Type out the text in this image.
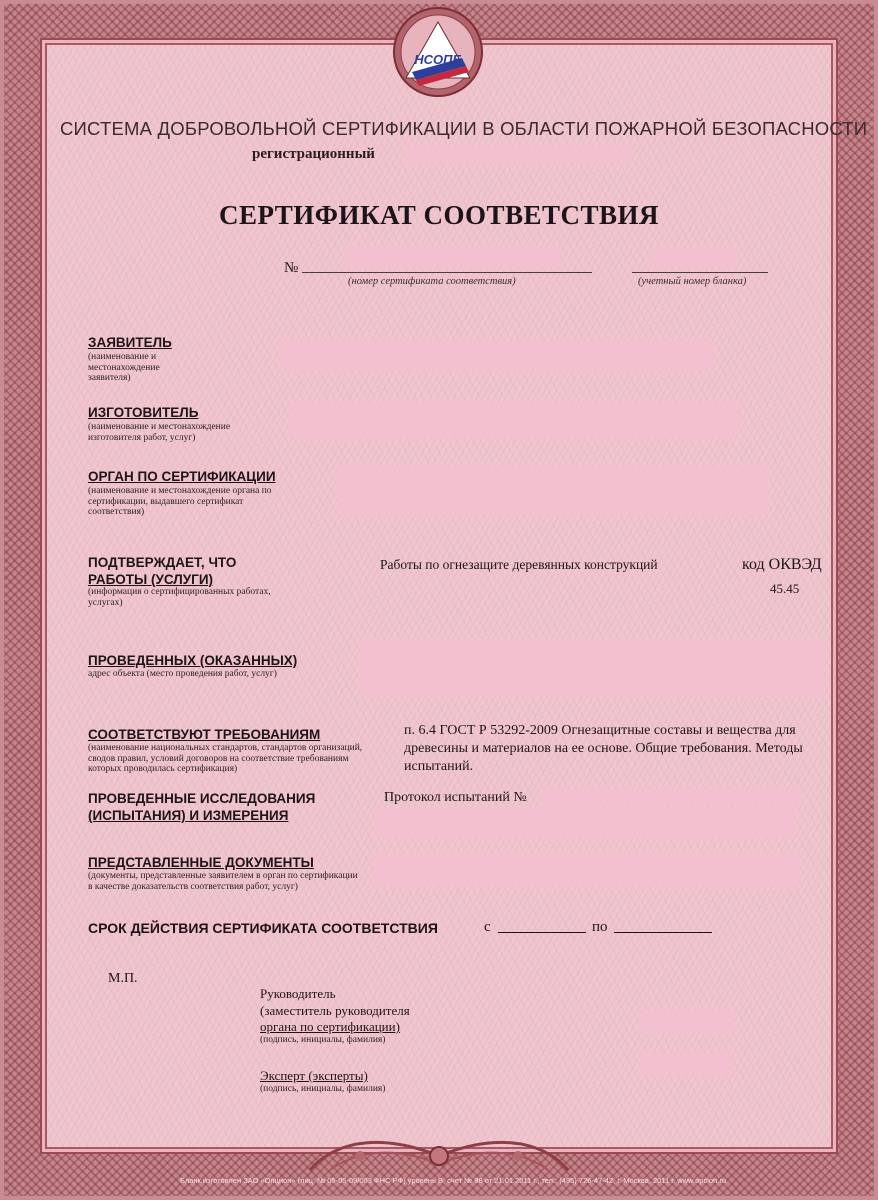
НСОПБ
СИСТЕМА ДОБРОВОЛЬНОЙ СЕРТИФИКАЦИИ В ОБЛАСТИ ПОЖАРНОЙ БЕЗОПАСНОСТИ
регистрационный
СЕРТИФИКАТ СООТВЕТСТВИЯ
№
(номер сертификата соответствия)	(учетный номер бланка)
ЗАЯВИТЕЛЬ
(наименование и местонахождение заявителя)
ИЗГОТОВИТЕЛЬ
(наименование и местонахождение изготовителя работ, услуг)
ОРГАН ПО СЕРТИФИКАЦИИ
(наименование и местонахождение органа по сертификации, выдавшего сертификат соответствия)
ПОДТВЕРЖДАЕТ, ЧТО
РАБОТЫ (УСЛУГИ)
(информация о сертифицированных работах, услугах)
Работы по огнезащите деревянных конструкций	код ОКВЭД
45.45
ПРОВЕДЕННЫХ (ОКАЗАННЫХ)
адрес объекта (место проведения работ, услуг)
СООТВЕТСТВУЮТ ТРЕБОВАНИЯМ
(наименование национальных стандартов, стандартов организаций, сводов правил, условий договоров на соответствие требованиям которых проводилась сертификация)
п. 6.4 ГОСТ Р 53292-2009 Огнезащитные составы и вещества для древесины и материалов на ее основе. Общие требования. Методы испытаний.
ПРОВЕДЕННЫЕ ИССЛЕДОВАНИЯ
(ИСПЫТАНИЯ) И ИЗМЕРЕНИЯ
Протокол испытаний №
ПРЕДСТАВЛЕННЫЕ ДОКУМЕНТЫ
(документы, представленные заявителем в орган по сертификации в качестве доказательств соответствия работ, услуг)
СРОК ДЕЙСТВИЯ СЕРТИФИКАТА СООТВЕТСТВИЯ	с	по
М.П.
Руководитель
(заместитель руководителя
органа по сертификации)
(подпись, инициалы, фамилия)
Эксперт (эксперты)
(подпись, инициалы, фамилия)
Бланк изготовлен ЗАО «Опцион» (лиц. № 05-05-09/003 ФНС РФ) уровень В, счет № 88 от 21.01.2011 г., тел.: (495) 726-47-42, г. Москва, 2011 г. www.opcion.ru
